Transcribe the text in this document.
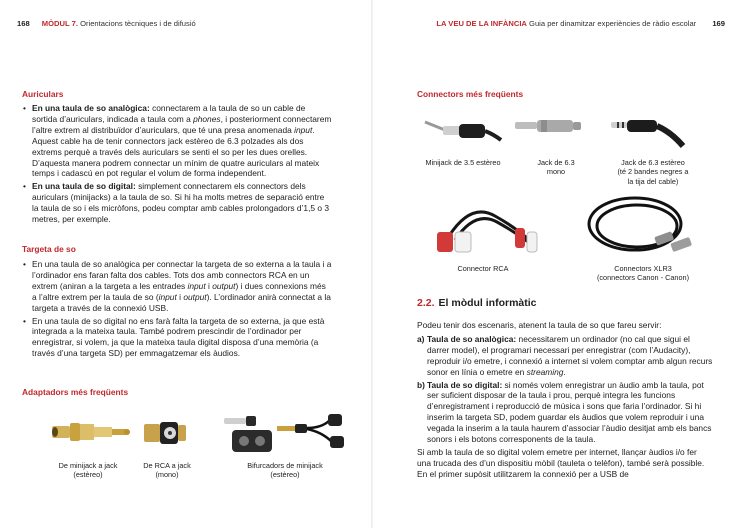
168 MÒDUL 7. Orientacions tècniques i de difusió
Auriculars
• En una taula de so analògica: connectarem a la taula de so un cable de sortida d’auriculars, indicada a taula com a phones, i posteriorment connectarem l’altre extrem al distribuïdor d’auriculars, que té una presa anomenada input. Aquest cable ha de tenir connectors jack estèreo de 6.3 polzades als dos extrems perquè a través dels auriculars se senti el so per les dues orelles. D’aquesta manera podrem connectar un mínim de quatre auriculars al mateix temps i cadascú en pot regular el volum de forma independent.
• En una taula de so digital: simplement connectarem els connectors dels auriculars (minijacks) a la taula de so. Si hi ha molts metres de separació entre la taula de so i els micròfons, podeu comptar amb cables prolongadors d’1,5 o 3 metres, per exemple.
Targeta de so
• En una taula de so analògica per connectar la targeta de so externa a la taula i a l’ordinador ens faran falta dos cables. Tots dos amb connectors RCA en un extrem (aniran a la targeta a les entrades input i output) i dues connexions més a l’altre extrem per la taula de so (input i output). L’ordinador anirà connectat a la targeta a través de la connexió USB.
• En una taula de so digital no ens farà falta la targeta de so externa, ja que està integrada a la mateixa taula. També podrem prescindir de l’ordinador per enregistrar, si volem, ja que la mateixa taula digital disposa d’una memòria (a través d’una targeta SD) per emmagatzemar els àudios.
Adaptadors més freqüents
De minijack a jack
(estèreo)
De RCA a jack
(mono)
Bifurcadors de minijack
(estèreo)
LA VEU DE LA INFÀNCIA Guia per dinamitzar experiències de ràdio escolar 169
Connectors més freqüents
Minijack de 3.5 estèreo	Jack de 6.3
mono
Jack de 6.3 estèreo
(té 2 bandes negres a
la tija del cable)
Connector RCA	Connectors XLR3
(connectors Canon - Canon)
2.2. El mòdul informàtic

Podeu tenir dos escenaris, atenent la taula de so que fareu servir:

a) Taula de so analògica: necessitarem un ordinador (no cal que sigui el darrer model), el programari necessari per enregistrar (com l’Audacity), reproduir i/o emetre, i connexió a internet si volem comptar amb algun recurs sonor en línia o emetre en streaming.
b) Taula de so digital: si només volem enregistrar un àudio amb la taula, pot ser suficient disposar de la taula i prou, perquè integra les funcions d’enregistrament i reproducció de música i sons que faria l’ordinador. Si hi inserim la targeta SD, podem guardar els àudios que volem reproduir i una vegada la inserim a la taula haurem d’associar l’àudio desitjat amb els bancs sonors i els botons corresponents de la taula.

Si amb la taula de so digital volem emetre per internet, llançar àudios i/o fer una trucada des d’un dispositiu mòbil (tauleta o telèfon), també serà possible. En el primer supòsit utilitzarem la connexió per a USB de
